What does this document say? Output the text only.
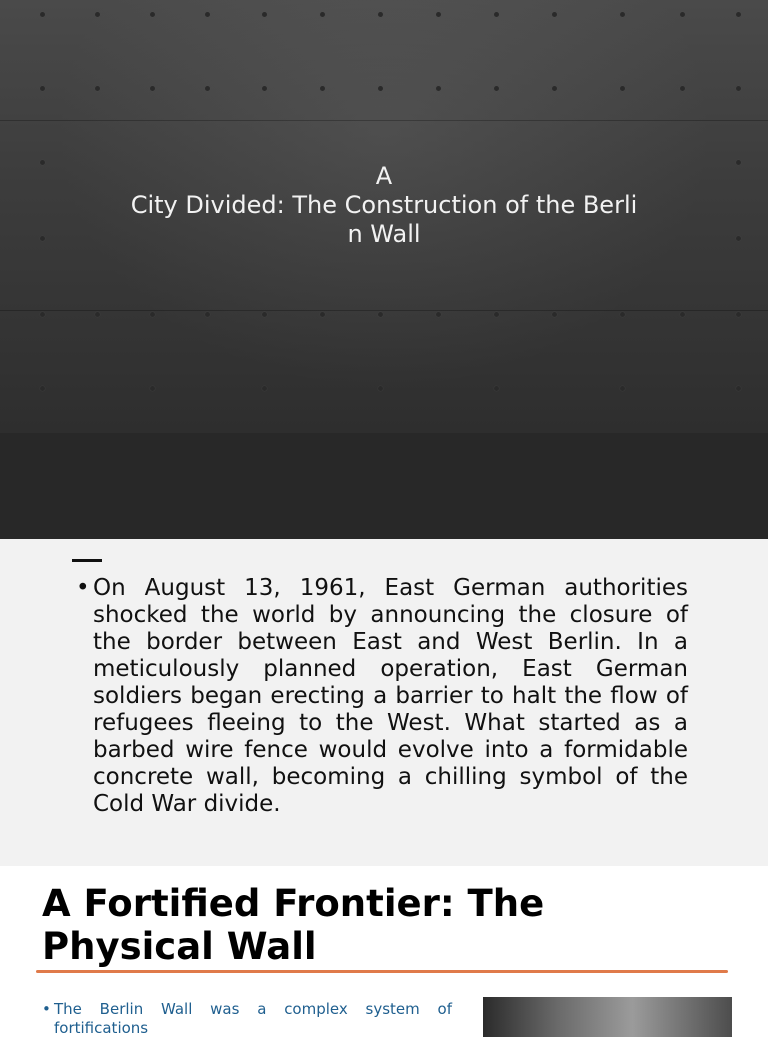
A
City Divided: The Construction of the Berli
n Wall
• On August 13, 1961, East German authorities shocked the world by announcing the closure of the border between East and West Berlin. In a meticulously planned operation, East German soldiers began erecting a barrier to halt the flow of refugees fleeing to the West. What started as a barbed wire fence would evolve into a formidable concrete wall, becoming a chilling symbol of the Cold War divide.
A Fortified Frontier: The Physical Wall
• The Berlin Wall was a complex system of fortifications
